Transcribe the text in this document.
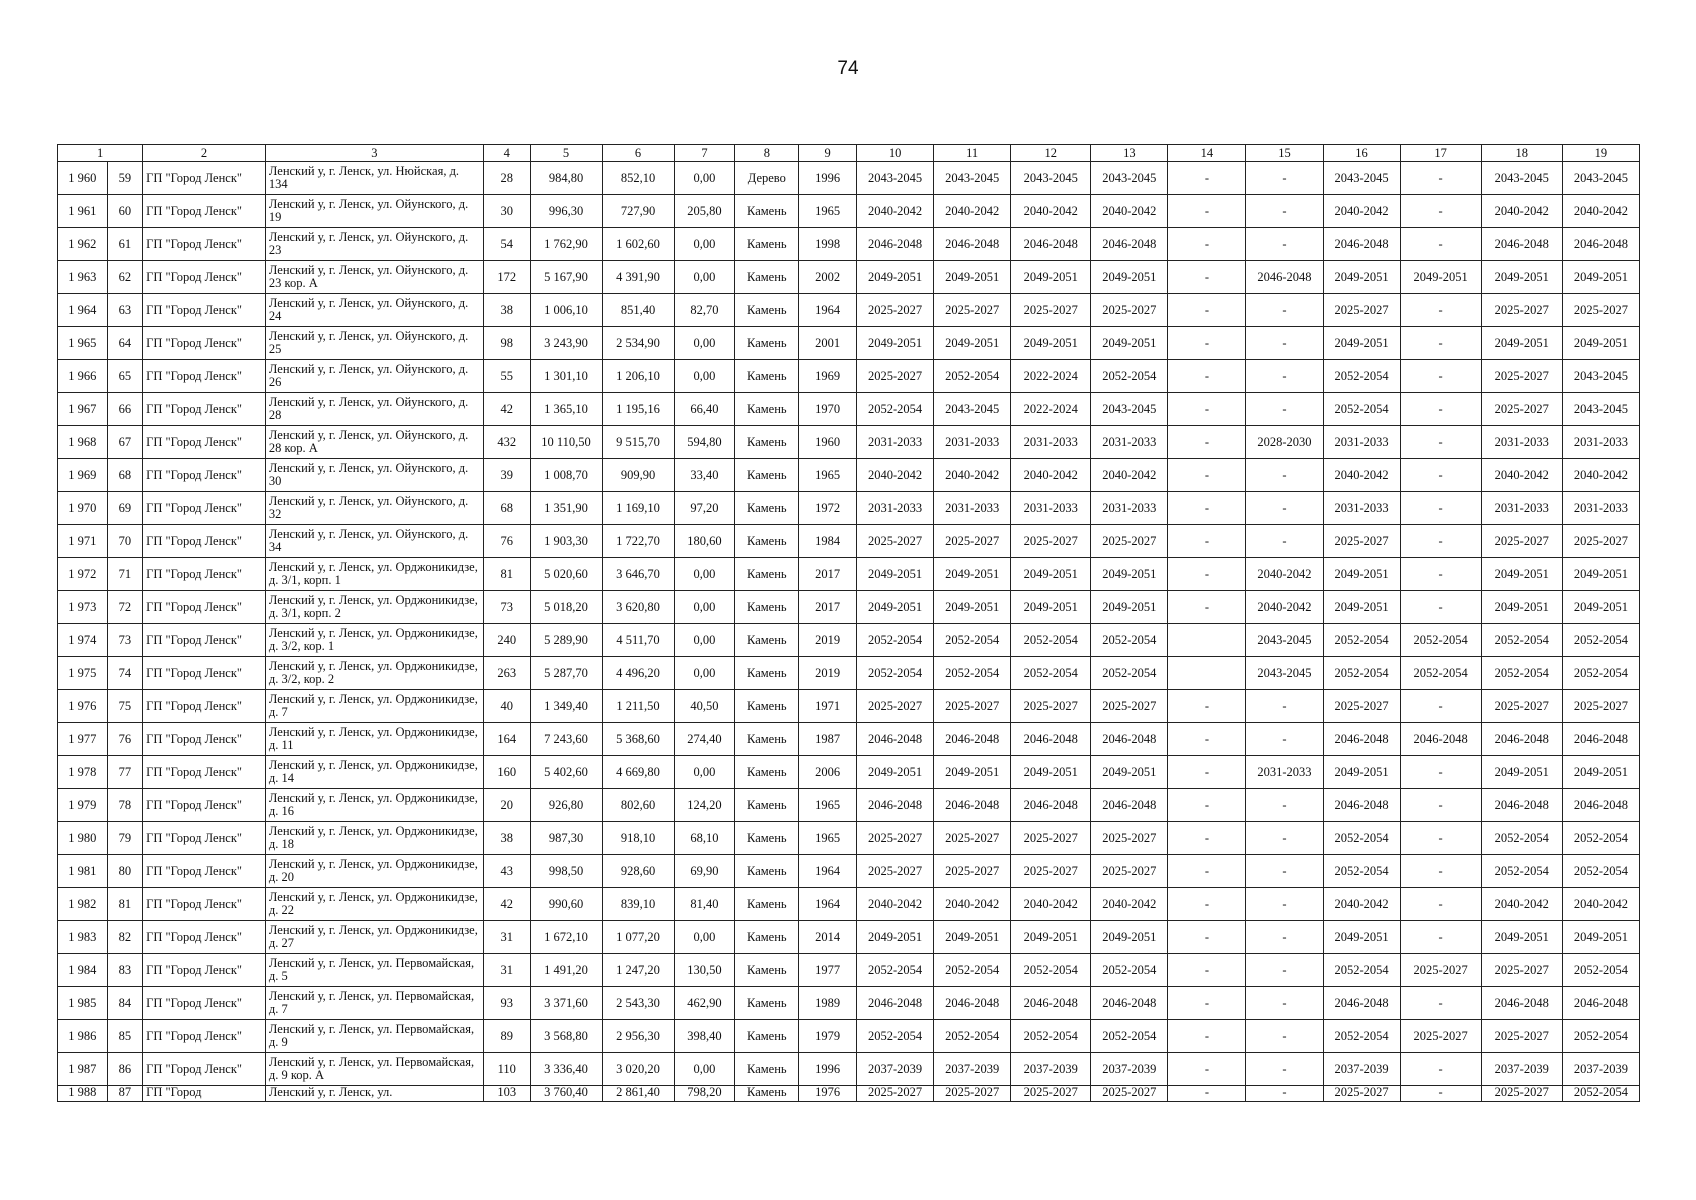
74
1		2	3	4	5	6	7	8	9	10	11	12	13	14	15	16	17	18	19
1 960	59	ГП "Город Ленск"	Ленский у, г. Ленск, ул. Нюйская, д. 134	28	984,80	852,10	0,00	Дерево	1996	2043-2045	2043-2045	2043-2045	2043-2045	-	-	2043-2045	-	2043-2045	2043-2045
1 961	60	ГП "Город Ленск"	Ленский у, г. Ленск, ул. Ойунского, д. 19	30	996,30	727,90	205,80	Камень	1965	2040-2042	2040-2042	2040-2042	2040-2042	-	-	2040-2042	-	2040-2042	2040-2042
1 962	61	ГП "Город Ленск"	Ленский у, г. Ленск, ул. Ойунского, д. 23	54	1 762,90	1 602,60	0,00	Камень	1998	2046-2048	2046-2048	2046-2048	2046-2048	-	-	2046-2048	-	2046-2048	2046-2048
1 963	62	ГП "Город Ленск"	Ленский у, г. Ленск, ул. Ойунского, д. 23 кор. А	172	5 167,90	4 391,90	0,00	Камень	2002	2049-2051	2049-2051	2049-2051	2049-2051	-	2046-2048	2049-2051	2049-2051	2049-2051	2049-2051
1 964	63	ГП "Город Ленск"	Ленский у, г. Ленск, ул. Ойунского, д. 24	38	1 006,10	851,40	82,70	Камень	1964	2025-2027	2025-2027	2025-2027	2025-2027	-	-	2025-2027	-	2025-2027	2025-2027
1 965	64	ГП "Город Ленск"	Ленский у, г. Ленск, ул. Ойунского, д. 25	98	3 243,90	2 534,90	0,00	Камень	2001	2049-2051	2049-2051	2049-2051	2049-2051	-	-	2049-2051	-	2049-2051	2049-2051
1 966	65	ГП "Город Ленск"	Ленский у, г. Ленск, ул. Ойунского, д. 26	55	1 301,10	1 206,10	0,00	Камень	1969	2025-2027	2052-2054	2022-2024	2052-2054	-	-	2052-2054	-	2025-2027	2043-2045
1 967	66	ГП "Город Ленск"	Ленский у, г. Ленск, ул. Ойунского, д. 28	42	1 365,10	1 195,16	66,40	Камень	1970	2052-2054	2043-2045	2022-2024	2043-2045	-	-	2052-2054	-	2025-2027	2043-2045
1 968	67	ГП "Город Ленск"	Ленский у, г. Ленск, ул. Ойунского, д. 28 кор. А	432	10 110,50	9 515,70	594,80	Камень	1960	2031-2033	2031-2033	2031-2033	2031-2033	-	2028-2030	2031-2033	-	2031-2033	2031-2033
1 969	68	ГП "Город Ленск"	Ленский у, г. Ленск, ул. Ойунского, д. 30	39	1 008,70	909,90	33,40	Камень	1965	2040-2042	2040-2042	2040-2042	2040-2042	-	-	2040-2042	-	2040-2042	2040-2042
1 970	69	ГП "Город Ленск"	Ленский у, г. Ленск, ул. Ойунского, д. 32	68	1 351,90	1 169,10	97,20	Камень	1972	2031-2033	2031-2033	2031-2033	2031-2033	-	-	2031-2033	-	2031-2033	2031-2033
1 971	70	ГП "Город Ленск"	Ленский у, г. Ленск, ул. Ойунского, д. 34	76	1 903,30	1 722,70	180,60	Камень	1984	2025-2027	2025-2027	2025-2027	2025-2027	-	-	2025-2027	-	2025-2027	2025-2027
1 972	71	ГП "Город Ленск"	Ленский у, г. Ленск, ул. Орджоникидзе, д. 3/1, корп. 1	81	5 020,60	3 646,70	0,00	Камень	2017	2049-2051	2049-2051	2049-2051	2049-2051	-	2040-2042	2049-2051	-	2049-2051	2049-2051
1 973	72	ГП "Город Ленск"	Ленский у, г. Ленск, ул. Орджоникидзе, д. 3/1, корп. 2	73	5 018,20	3 620,80	0,00	Камень	2017	2049-2051	2049-2051	2049-2051	2049-2051	-	2040-2042	2049-2051	-	2049-2051	2049-2051
1 974	73	ГП "Город Ленск"	Ленский у, г. Ленск, ул. Орджоникидзе, д. 3/2, кор. 1	240	5 289,90	4 511,70	0,00	Камень	2019	2052-2054	2052-2054	2052-2054	2052-2054		2043-2045	2052-2054	2052-2054	2052-2054	2052-2054
1 975	74	ГП "Город Ленск"	Ленский у, г. Ленск, ул. Орджоникидзе, д. 3/2, кор. 2	263	5 287,70	4 496,20	0,00	Камень	2019	2052-2054	2052-2054	2052-2054	2052-2054		2043-2045	2052-2054	2052-2054	2052-2054	2052-2054
1 976	75	ГП "Город Ленск"	Ленский у, г. Ленск, ул. Орджоникидзе, д. 7	40	1 349,40	1 211,50	40,50	Камень	1971	2025-2027	2025-2027	2025-2027	2025-2027	-	-	2025-2027	-	2025-2027	2025-2027
1 977	76	ГП "Город Ленск"	Ленский у, г. Ленск, ул. Орджоникидзе, д. 11	164	7 243,60	5 368,60	274,40	Камень	1987	2046-2048	2046-2048	2046-2048	2046-2048	-	-	2046-2048	2046-2048	2046-2048	2046-2048
1 978	77	ГП "Город Ленск"	Ленский у, г. Ленск, ул. Орджоникидзе, д. 14	160	5 402,60	4 669,80	0,00	Камень	2006	2049-2051	2049-2051	2049-2051	2049-2051	-	2031-2033	2049-2051	-	2049-2051	2049-2051
1 979	78	ГП "Город Ленск"	Ленский у, г. Ленск, ул. Орджоникидзе, д. 16	20	926,80	802,60	124,20	Камень	1965	2046-2048	2046-2048	2046-2048	2046-2048	-	-	2046-2048	-	2046-2048	2046-2048
1 980	79	ГП "Город Ленск"	Ленский у, г. Ленск, ул. Орджоникидзе, д. 18	38	987,30	918,10	68,10	Камень	1965	2025-2027	2025-2027	2025-2027	2025-2027	-	-	2052-2054	-	2052-2054	2052-2054
1 981	80	ГП "Город Ленск"	Ленский у, г. Ленск, ул. Орджоникидзе, д. 20	43	998,50	928,60	69,90	Камень	1964	2025-2027	2025-2027	2025-2027	2025-2027	-	-	2052-2054	-	2052-2054	2052-2054
1 982	81	ГП "Город Ленск"	Ленский у, г. Ленск, ул. Орджоникидзе, д. 22	42	990,60	839,10	81,40	Камень	1964	2040-2042	2040-2042	2040-2042	2040-2042	-	-	2040-2042	-	2040-2042	2040-2042
1 983	82	ГП "Город Ленск"	Ленский у, г. Ленск, ул. Орджоникидзе, д. 27	31	1 672,10	1 077,20	0,00	Камень	2014	2049-2051	2049-2051	2049-2051	2049-2051	-	-	2049-2051	-	2049-2051	2049-2051
1 984	83	ГП "Город Ленск"	Ленский у, г. Ленск, ул. Первомайская, д. 5	31	1 491,20	1 247,20	130,50	Камень	1977	2052-2054	2052-2054	2052-2054	2052-2054	-	-	2052-2054	2025-2027	2025-2027	2052-2054
1 985	84	ГП "Город Ленск"	Ленский у, г. Ленск, ул. Первомайская, д. 7	93	3 371,60	2 543,30	462,90	Камень	1989	2046-2048	2046-2048	2046-2048	2046-2048	-	-	2046-2048	-	2046-2048	2046-2048
1 986	85	ГП "Город Ленск"	Ленский у, г. Ленск, ул. Первомайская, д. 9	89	3 568,80	2 956,30	398,40	Камень	1979	2052-2054	2052-2054	2052-2054	2052-2054	-	-	2052-2054	2025-2027	2025-2027	2052-2054
1 987	86	ГП "Город Ленск"	Ленский у, г. Ленск, ул. Первомайская, д. 9 кор. А	110	3 336,40	3 020,20	0,00	Камень	1996	2037-2039	2037-2039	2037-2039	2037-2039	-	-	2037-2039	-	2037-2039	2037-2039
1 988	87	ГП "Город	Ленский у, г. Ленск, ул.	103	3 760,40	2 861,40	798,20	Камень	1976	2025-2027	2025-2027	2025-2027	2025-2027	-	-	2025-2027	-	2025-2027	2052-2054
